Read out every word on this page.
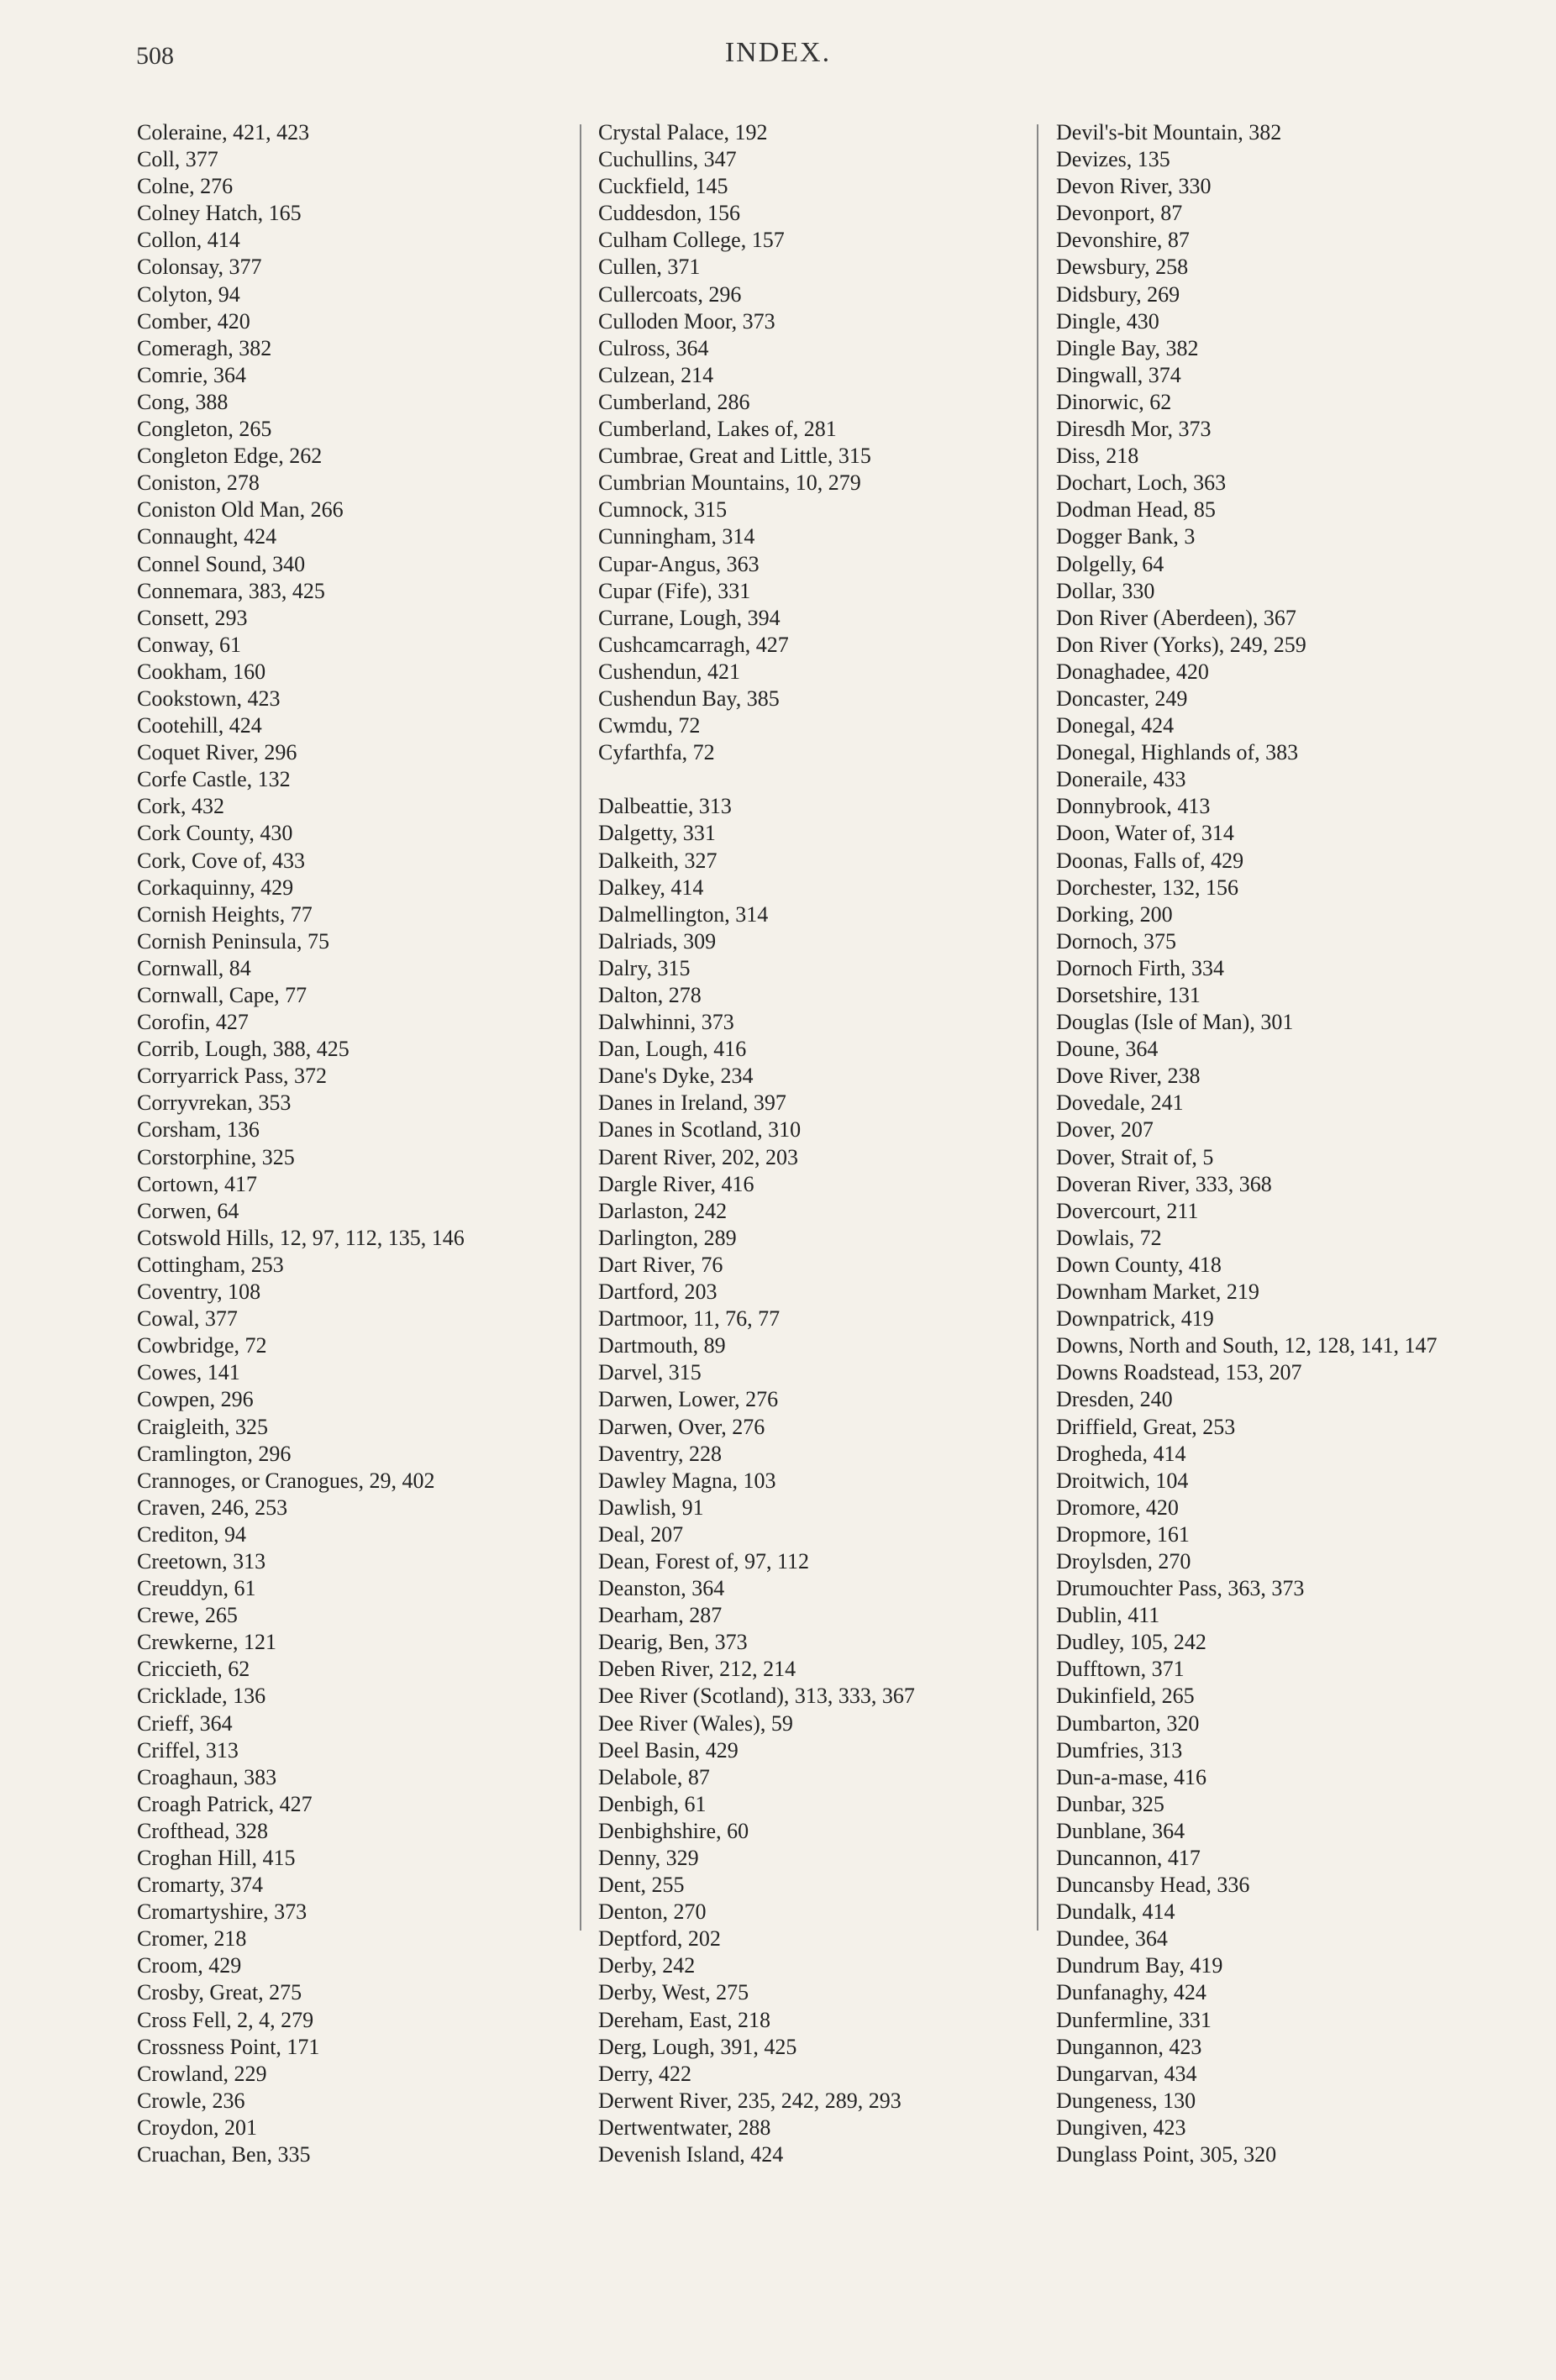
508	INDEX.
Coleraine, 421, 423
Coll, 377
Colne, 276
Colney Hatch, 165
Collon, 414
Colonsay, 377
Colyton, 94
Comber, 420
Comeragh, 382
Comrie, 364
Cong, 388
Congleton, 265
Congleton Edge, 262
Coniston, 278
Coniston Old Man, 266
Connaught, 424
Connel Sound, 340
Connemara, 383, 425
Consett, 293
Conway, 61
Cookham, 160
Cookstown, 423
Cootehill, 424
Coquet River, 296
Corfe Castle, 132
Cork, 432
Cork County, 430
Cork, Cove of, 433
Corkaquinny, 429
Cornish Heights, 77
Cornish Peninsula, 75
Cornwall, 84
Cornwall, Cape, 77
Corofin, 427
Corrib, Lough, 388, 425
Corryarrick Pass, 372
Corryvrekan, 353
Corsham, 136
Corstorphine, 325
Cortown, 417
Corwen, 64
Cotswold Hills, 12, 97, 112, 135, 146
Cottingham, 253
Coventry, 108
Cowal, 377
Cowbridge, 72
Cowes, 141
Cowpen, 296
Craigleith, 325
Cramlington, 296
Crannoges, or Cranogues, 29, 402
Craven, 246, 253
Crediton, 94
Creetown, 313
Creuddyn, 61
Crewe, 265
Crewkerne, 121
Criccieth, 62
Cricklade, 136
Crieff, 364
Criffel, 313
Croaghaun, 383
Croagh Patrick, 427
Crofthead, 328
Croghan Hill, 415
Cromarty, 374
Cromartyshire, 373
Cromer, 218
Croom, 429
Crosby, Great, 275
Cross Fell, 2, 4, 279
Crossness Point, 171
Crowland, 229
Crowle, 236
Croydon, 201
Cruachan, Ben, 335
Crystal Palace, 192
Cuchullins, 347
Cuckfield, 145
Cuddesdon, 156
Culham College, 157
Cullen, 371
Cullercoats, 296
Culloden Moor, 373
Culross, 364
Culzean, 214
Cumberland, 286
Cumberland, Lakes of, 281
Cumbrae, Great and Little, 315
Cumbrian Mountains, 10, 279
Cumnock, 315
Cunningham, 314
Cupar-Angus, 363
Cupar (Fife), 331
Currane, Lough, 394
Cushcamcarragh, 427
Cushendun, 421
Cushendun Bay, 385
Cwmdu, 72
Cyfarthfa, 72
Dalbeattie, 313
Dalgetty, 331
Dalkeith, 327
Dalkey, 414
Dalmellington, 314
Dalriads, 309
Dalry, 315
Dalton, 278
Dalwhinni, 373
Dan, Lough, 416
Dane's Dyke, 234
Danes in Ireland, 397
Danes in Scotland, 310
Darent River, 202, 203
Dargle River, 416
Darlaston, 242
Darlington, 289
Dart River, 76
Dartford, 203
Dartmoor, 11, 76, 77
Dartmouth, 89
Darvel, 315
Darwen, Lower, 276
Darwen, Over, 276
Daventry, 228
Dawley Magna, 103
Dawlish, 91
Deal, 207
Dean, Forest of, 97, 112
Deanston, 364
Dearham, 287
Dearig, Ben, 373
Deben River, 212, 214
Dee River (Scotland), 313, 333, 367
Dee River (Wales), 59
Deel Basin, 429
Delabole, 87
Denbigh, 61
Denbighshire, 60
Denny, 329
Dent, 255
Denton, 270
Deptford, 202
Derby, 242
Derby, West, 275
Dereham, East, 218
Derg, Lough, 391, 425
Derry, 422
Derwent River, 235, 242, 289, 293
Dertwentwater, 288
Devenish Island, 424
Devil's-bit Mountain, 382
Devizes, 135
Devon River, 330
Devonport, 87
Devonshire, 87
Dewsbury, 258
Didsbury, 269
Dingle, 430
Dingle Bay, 382
Dingwall, 374
Dinorwic, 62
Diresdh Mor, 373
Diss, 218
Dochart, Loch, 363
Dodman Head, 85
Dogger Bank, 3
Dolgelly, 64
Dollar, 330
Don River (Aberdeen), 367
Don River (Yorks), 249, 259
Donaghadee, 420
Doncaster, 249
Donegal, 424
Donegal, Highlands of, 383
Doneraile, 433
Donnybrook, 413
Doon, Water of, 314
Doonas, Falls of, 429
Dorchester, 132, 156
Dorking, 200
Dornoch, 375
Dornoch Firth, 334
Dorsetshire, 131
Douglas (Isle of Man), 301
Doune, 364
Dove River, 238
Dovedale, 241
Dover, 207
Dover, Strait of, 5
Doveran River, 333, 368
Dovercourt, 211
Dowlais, 72
Down County, 418
Downham Market, 219
Downpatrick, 419
Downs, North and South, 12, 128, 141, 147
Downs Roadstead, 153, 207
Dresden, 240
Driffield, Great, 253
Drogheda, 414
Droitwich, 104
Dromore, 420
Dropmore, 161
Droylsden, 270
Drumouchter Pass, 363, 373
Dublin, 411
Dudley, 105, 242
Dufftown, 371
Dukinfield, 265
Dumbarton, 320
Dumfries, 313
Dun-a-mase, 416
Dunbar, 325
Dunblane, 364
Duncannon, 417
Duncansby Head, 336
Dundalk, 414
Dundee, 364
Dundrum Bay, 419
Dunfanaghy, 424
Dunfermline, 331
Dungannon, 423
Dungarvan, 434
Dungeness, 130
Dungiven, 423
Dunglass Point, 305, 320
